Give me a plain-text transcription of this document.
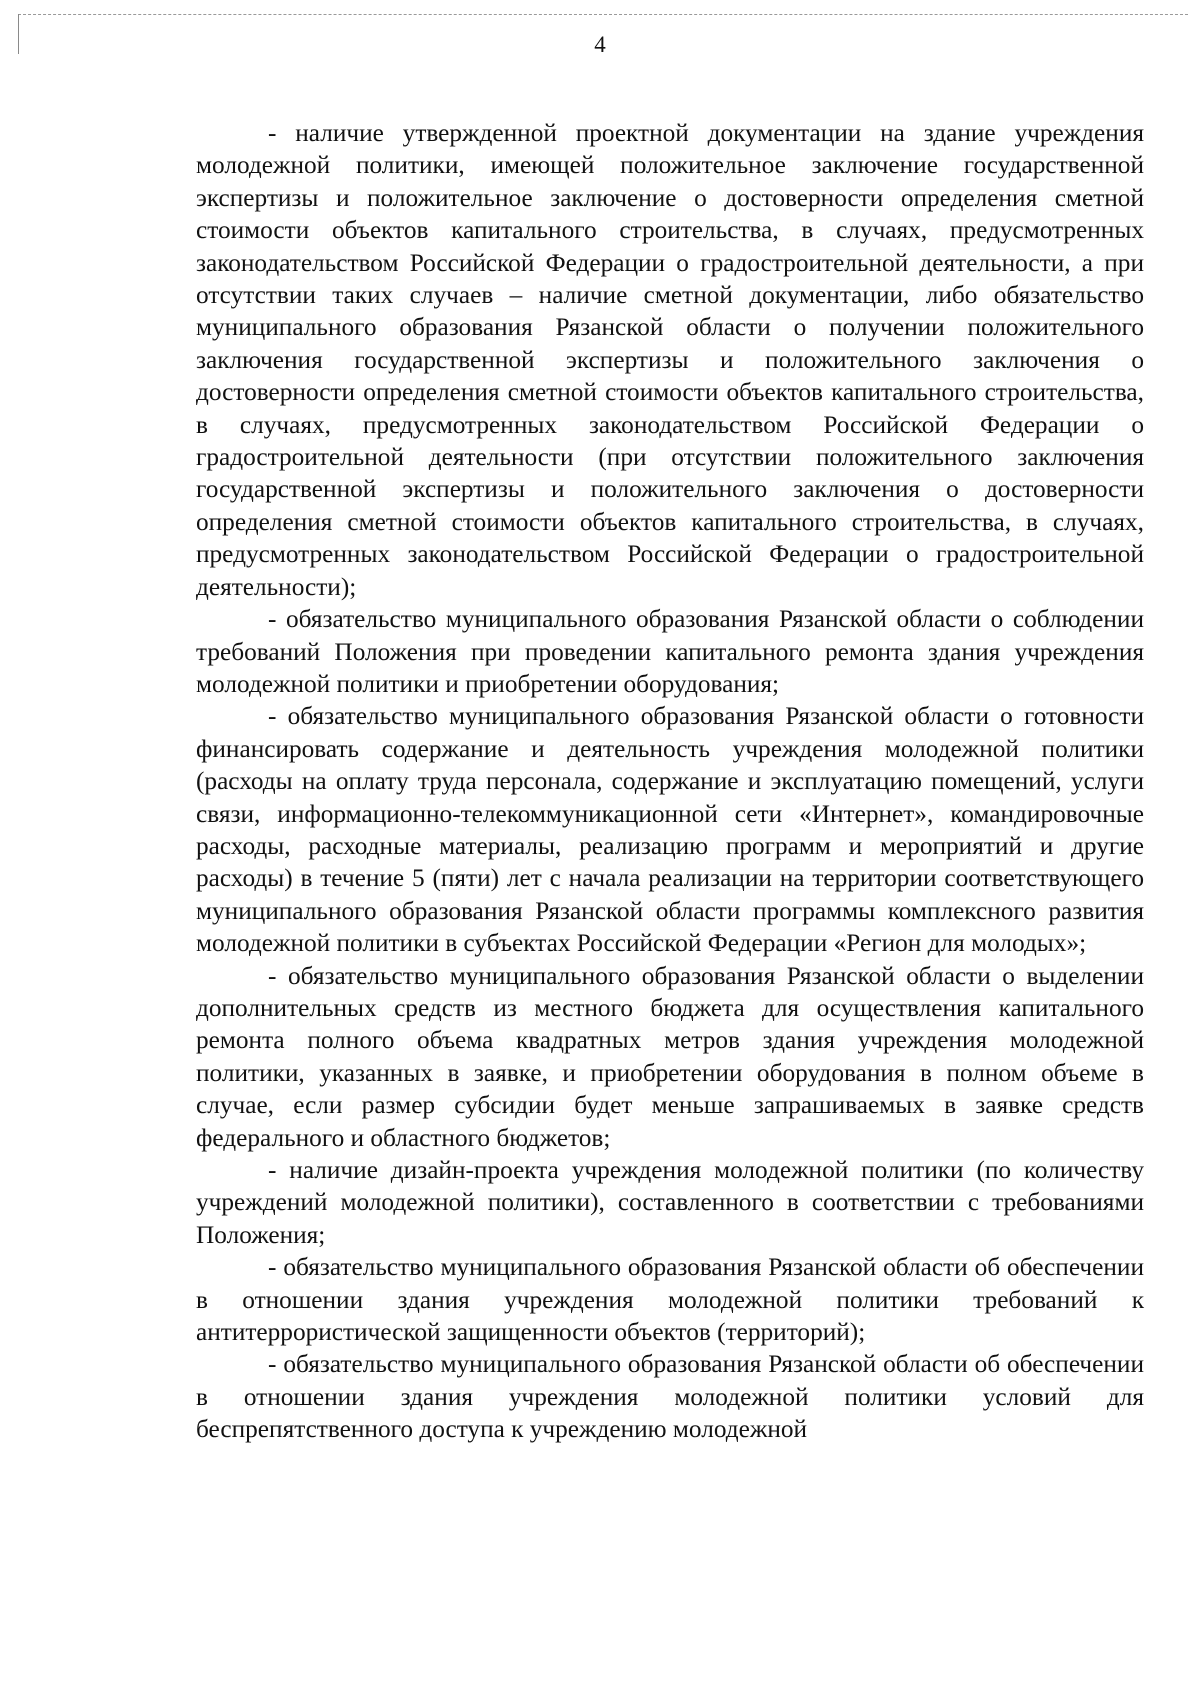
4

- наличие утвержденной проектной документации на здание учреждения молодежной политики, имеющей положительное заключение государственной экспертизы и положительное заключение о достоверности определения сметной стоимости объектов капитального строительства, в случаях, предусмотренных законодательством Российской Федерации о градостроительной деятельности, а при отсутствии таких случаев – наличие сметной документации, либо обязательство муниципального образования Рязанской области о получении положительного заключения государственной экспертизы и положительного заключения о достоверности определения сметной стоимости объектов капитального строительства, в случаях, предусмотренных законодательством Российской Федерации о градостроительной деятельности (при отсутствии положительного заключения государственной экспертизы и положительного заключения о достоверности определения сметной стоимости объектов капитального строительства, в случаях, предусмотренных законодательством Российской Федерации о градостроительной деятельности);

- обязательство муниципального образования Рязанской области о соблюдении требований Положения при проведении капитального ремонта здания учреждения молодежной политики и приобретении оборудования;

- обязательство муниципального образования Рязанской области о готовности финансировать содержание и деятельность учреждения молодежной политики (расходы на оплату труда персонала, содержание и эксплуатацию помещений, услуги связи, информационно-телекоммуникационной сети «Интернет», командировочные расходы, расходные материалы, реализацию программ и мероприятий и другие расходы) в течение 5 (пяти) лет с начала реализации на территории соответствующего муниципального образования Рязанской области программы комплексного развития молодежной политики в субъектах Российской Федерации «Регион для молодых»;

- обязательство муниципального образования Рязанской области о выделении дополнительных средств из местного бюджета для осуществления капитального ремонта полного объема квадратных метров здания учреждения молодежной политики, указанных в заявке, и приобретении оборудования в полном объеме в случае, если размер субсидии будет меньше запрашиваемых в заявке средств федерального и областного бюджетов;

- наличие дизайн-проекта учреждения молодежной политики (по количеству учреждений молодежной политики), составленного в соответствии с требованиями Положения;

- обязательство муниципального образования Рязанской области об обеспечении в отношении здания учреждения молодежной политики требований к антитеррористической защищенности объектов (территорий);

- обязательство муниципального образования Рязанской области об обеспечении в отношении здания учреждения молодежной политики условий для беспрепятственного доступа к учреждению молодежной
